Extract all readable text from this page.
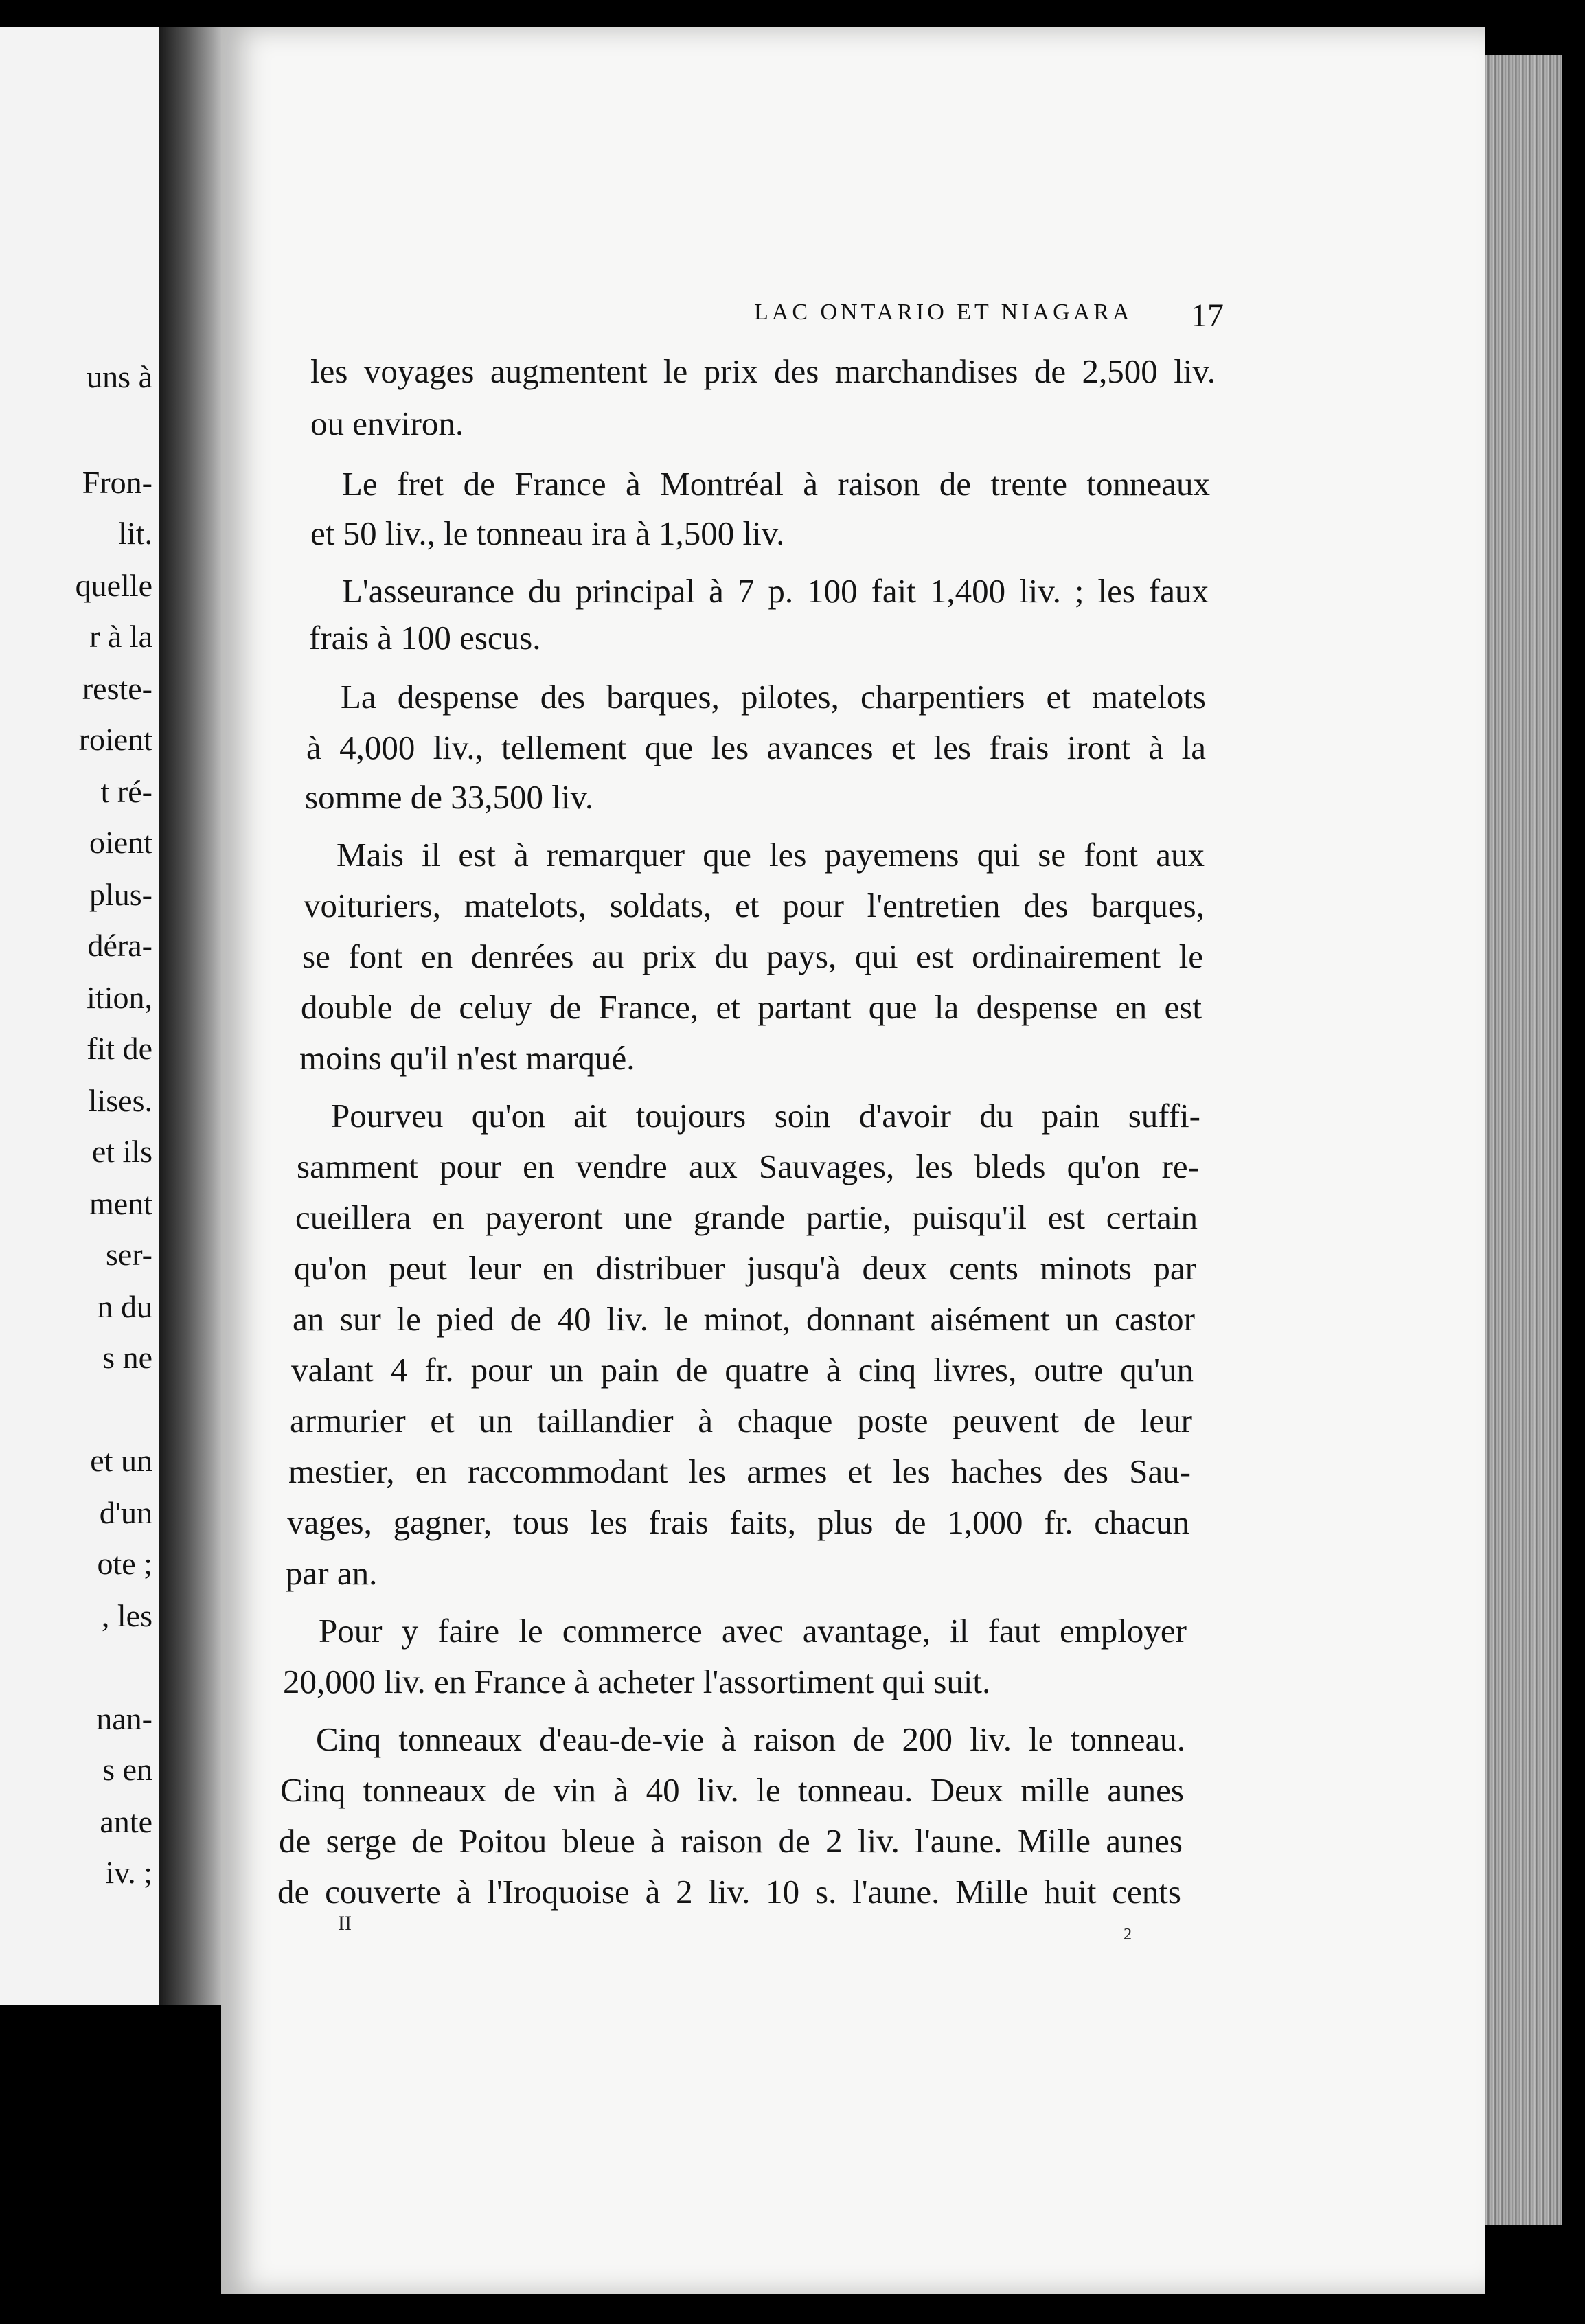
uns à
Fron-
lit.
quelle
r à la
reste-
roient
t ré-
oient
plus-
déra-
ition,
fit de
lises.
et ils
ment
ser-
n du
s ne
et un
d'un
ote ;
, les
nan-
s en
ante
iv. ;
LAC ONTARIO ET NIAGARA 17
les voyages augmentent le prix des marchandises de 2,500 liv.
ou environ.
Le fret de France à Montréal à raison de trente tonneaux
et 50 liv., le tonneau ira à 1,500 liv.
L'asseurance du principal à 7 p. 100 fait 1,400 liv. ; les faux
frais à 100 escus.
La despense des barques, pilotes, charpentiers et matelots
à 4,000 liv., tellement que les avances et les frais iront à la
somme de 33,500 liv.
Mais il est à remarquer que les payemens qui se font aux
voituriers, matelots, soldats, et pour l'entretien des barques,
se font en denrées au prix du pays, qui est ordinairement le
double de celuy de France, et partant que la despense en est
moins qu'il n'est marqué.
Pourveu qu'on ait toujours soin d'avoir du pain suffi-
samment pour en vendre aux Sauvages, les bleds qu'on re-
cueillera en payeront une grande partie, puisqu'il est certain
qu'on peut leur en distribuer jusqu'à deux cents minots par
an sur le pied de 40 liv. le minot, donnant aisément un castor
valant 4 fr. pour un pain de quatre à cinq livres, outre qu'un
armurier et un taillandier à chaque poste peuvent de leur
mestier, en raccommodant les armes et les haches des Sau-
vages, gagner, tous les frais faits, plus de 1,000 fr. chacun
par an.
Pour y faire le commerce avec avantage, il faut employer
20,000 liv. en France à acheter l'assortiment qui suit.
Cinq tonneaux d'eau-de-vie à raison de 200 liv. le tonneau.
Cinq tonneaux de vin à 40 liv. le tonneau. Deux mille aunes
de serge de Poitou bleue à raison de 2 liv. l'aune. Mille aunes
de couverte à l'Iroquoise à 2 liv. 10 s. l'aune. Mille huit cents
II	2
